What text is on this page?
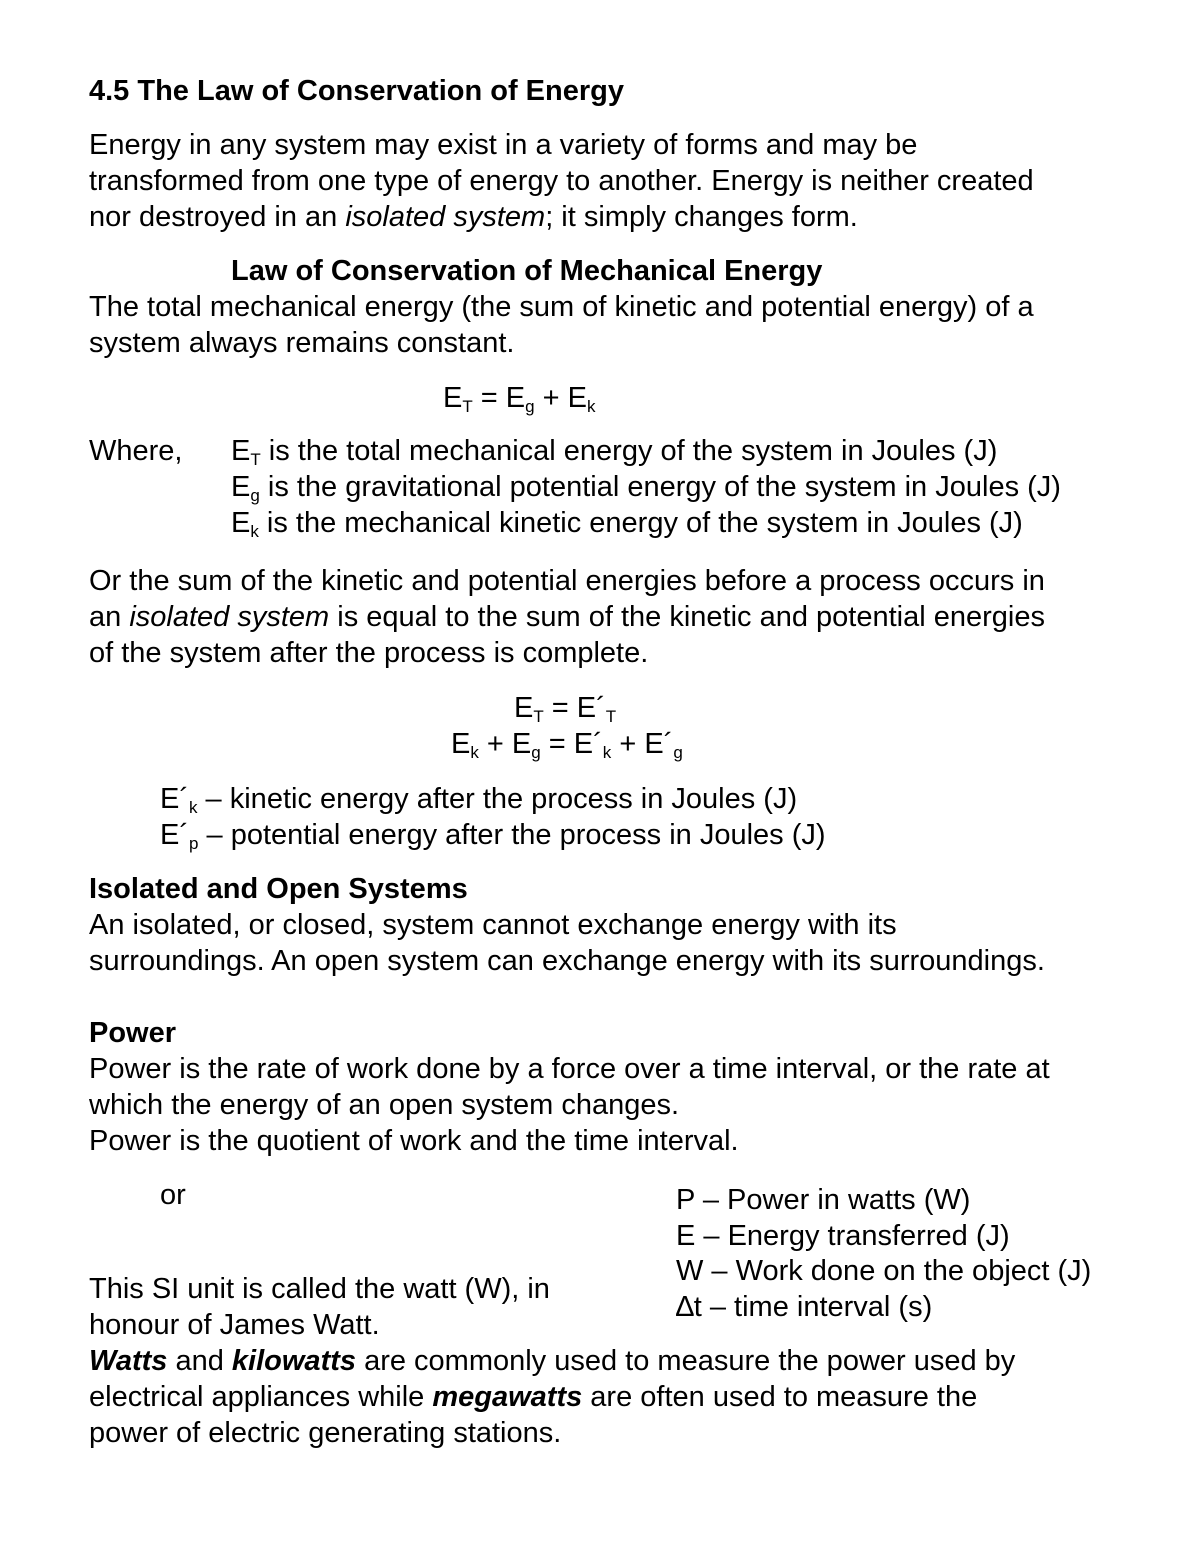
4.5 The Law of Conservation of Energy
Energy in any system may exist in a variety of forms and may be
transformed from one type of energy to another. Energy is neither created
nor destroyed in an isolated system; it simply changes form.
Law of Conservation of Mechanical Energy
The total mechanical energy (the sum of kinetic and potential energy) of a
system always remains constant.
$E_T = E_g + E_k$
Where, $E_T$ is the total mechanical energy of the system in Joules (J)
$E_g$ is the gravitational potential energy of the system in Joules (J)
$E_k$ is the mechanical kinetic energy of the system in Joules (J)
Or the sum of the kinetic and potential energies before a process occurs in
an isolated system is equal to the sum of the kinetic and potential energies
of the system after the process is complete.
$E_T$ = $E´_T$
$E_k + E_g$ = $E´_k$ + $E´_g$
$E´_k$ – kinetic energy after the process in Joules (J)
$E´_p$ – potential energy after the process in Joules (J)
Isolated and Open Systems
An isolated, or closed, system cannot exchange energy with its
surroundings. An open system can exchange energy with its surroundings.
Power
Power is the rate of work done by a force over a time interval, or the rate at
which the energy of an open system changes.
Power is the quotient of work and the time interval.
or	P – Power in watts (W)
E – Energy transferred (J)
W – Work done on the object (J)
∆t – time interval (s)
This SI unit is called the watt (W), in
honour of James Watt.
Watts and kilowatts are commonly used to measure the power used by
electrical appliances while megawatts are often used to measure the
power of electric generating stations.
